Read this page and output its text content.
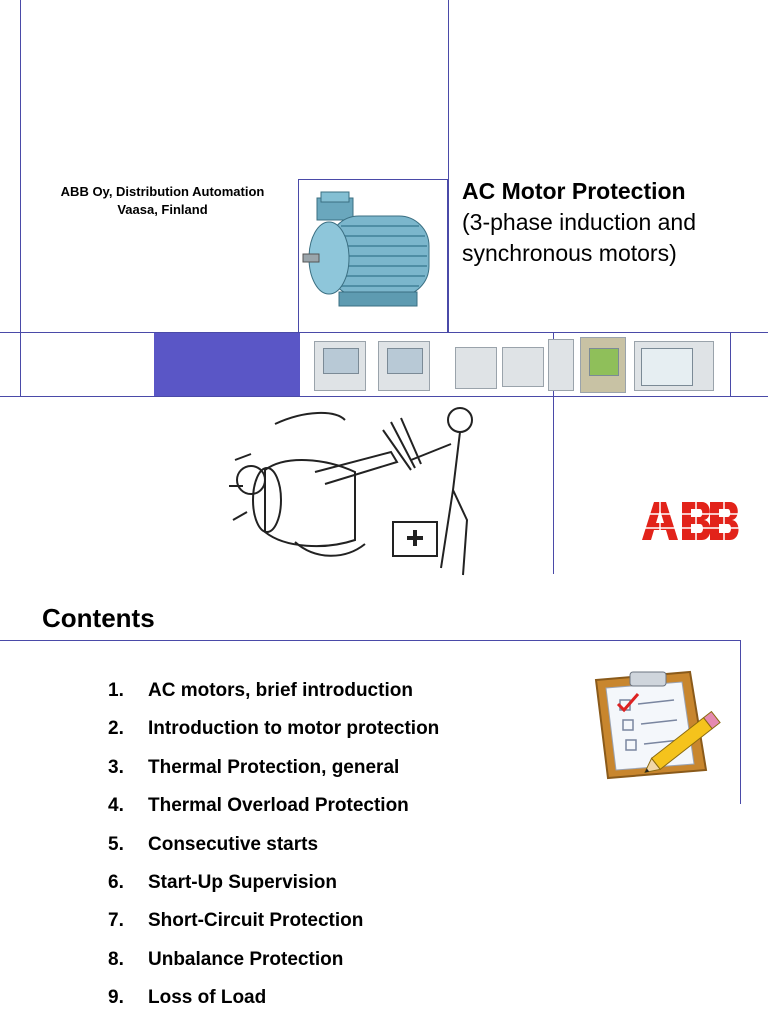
ABB Oy, Distribution Automation
Vaasa, Finland
AC Motor Protection
(3-phase induction and
synchronous motors)
Contents
1.	AC motors, brief introduction
2.	Introduction to motor protection
3.	Thermal Protection, general
4.	Thermal Overload Protection
5.	Consecutive starts
6.	Start-Up Supervision
7.	Short-Circuit Protection
8.	Unbalance Protection
9.	Loss of Load
